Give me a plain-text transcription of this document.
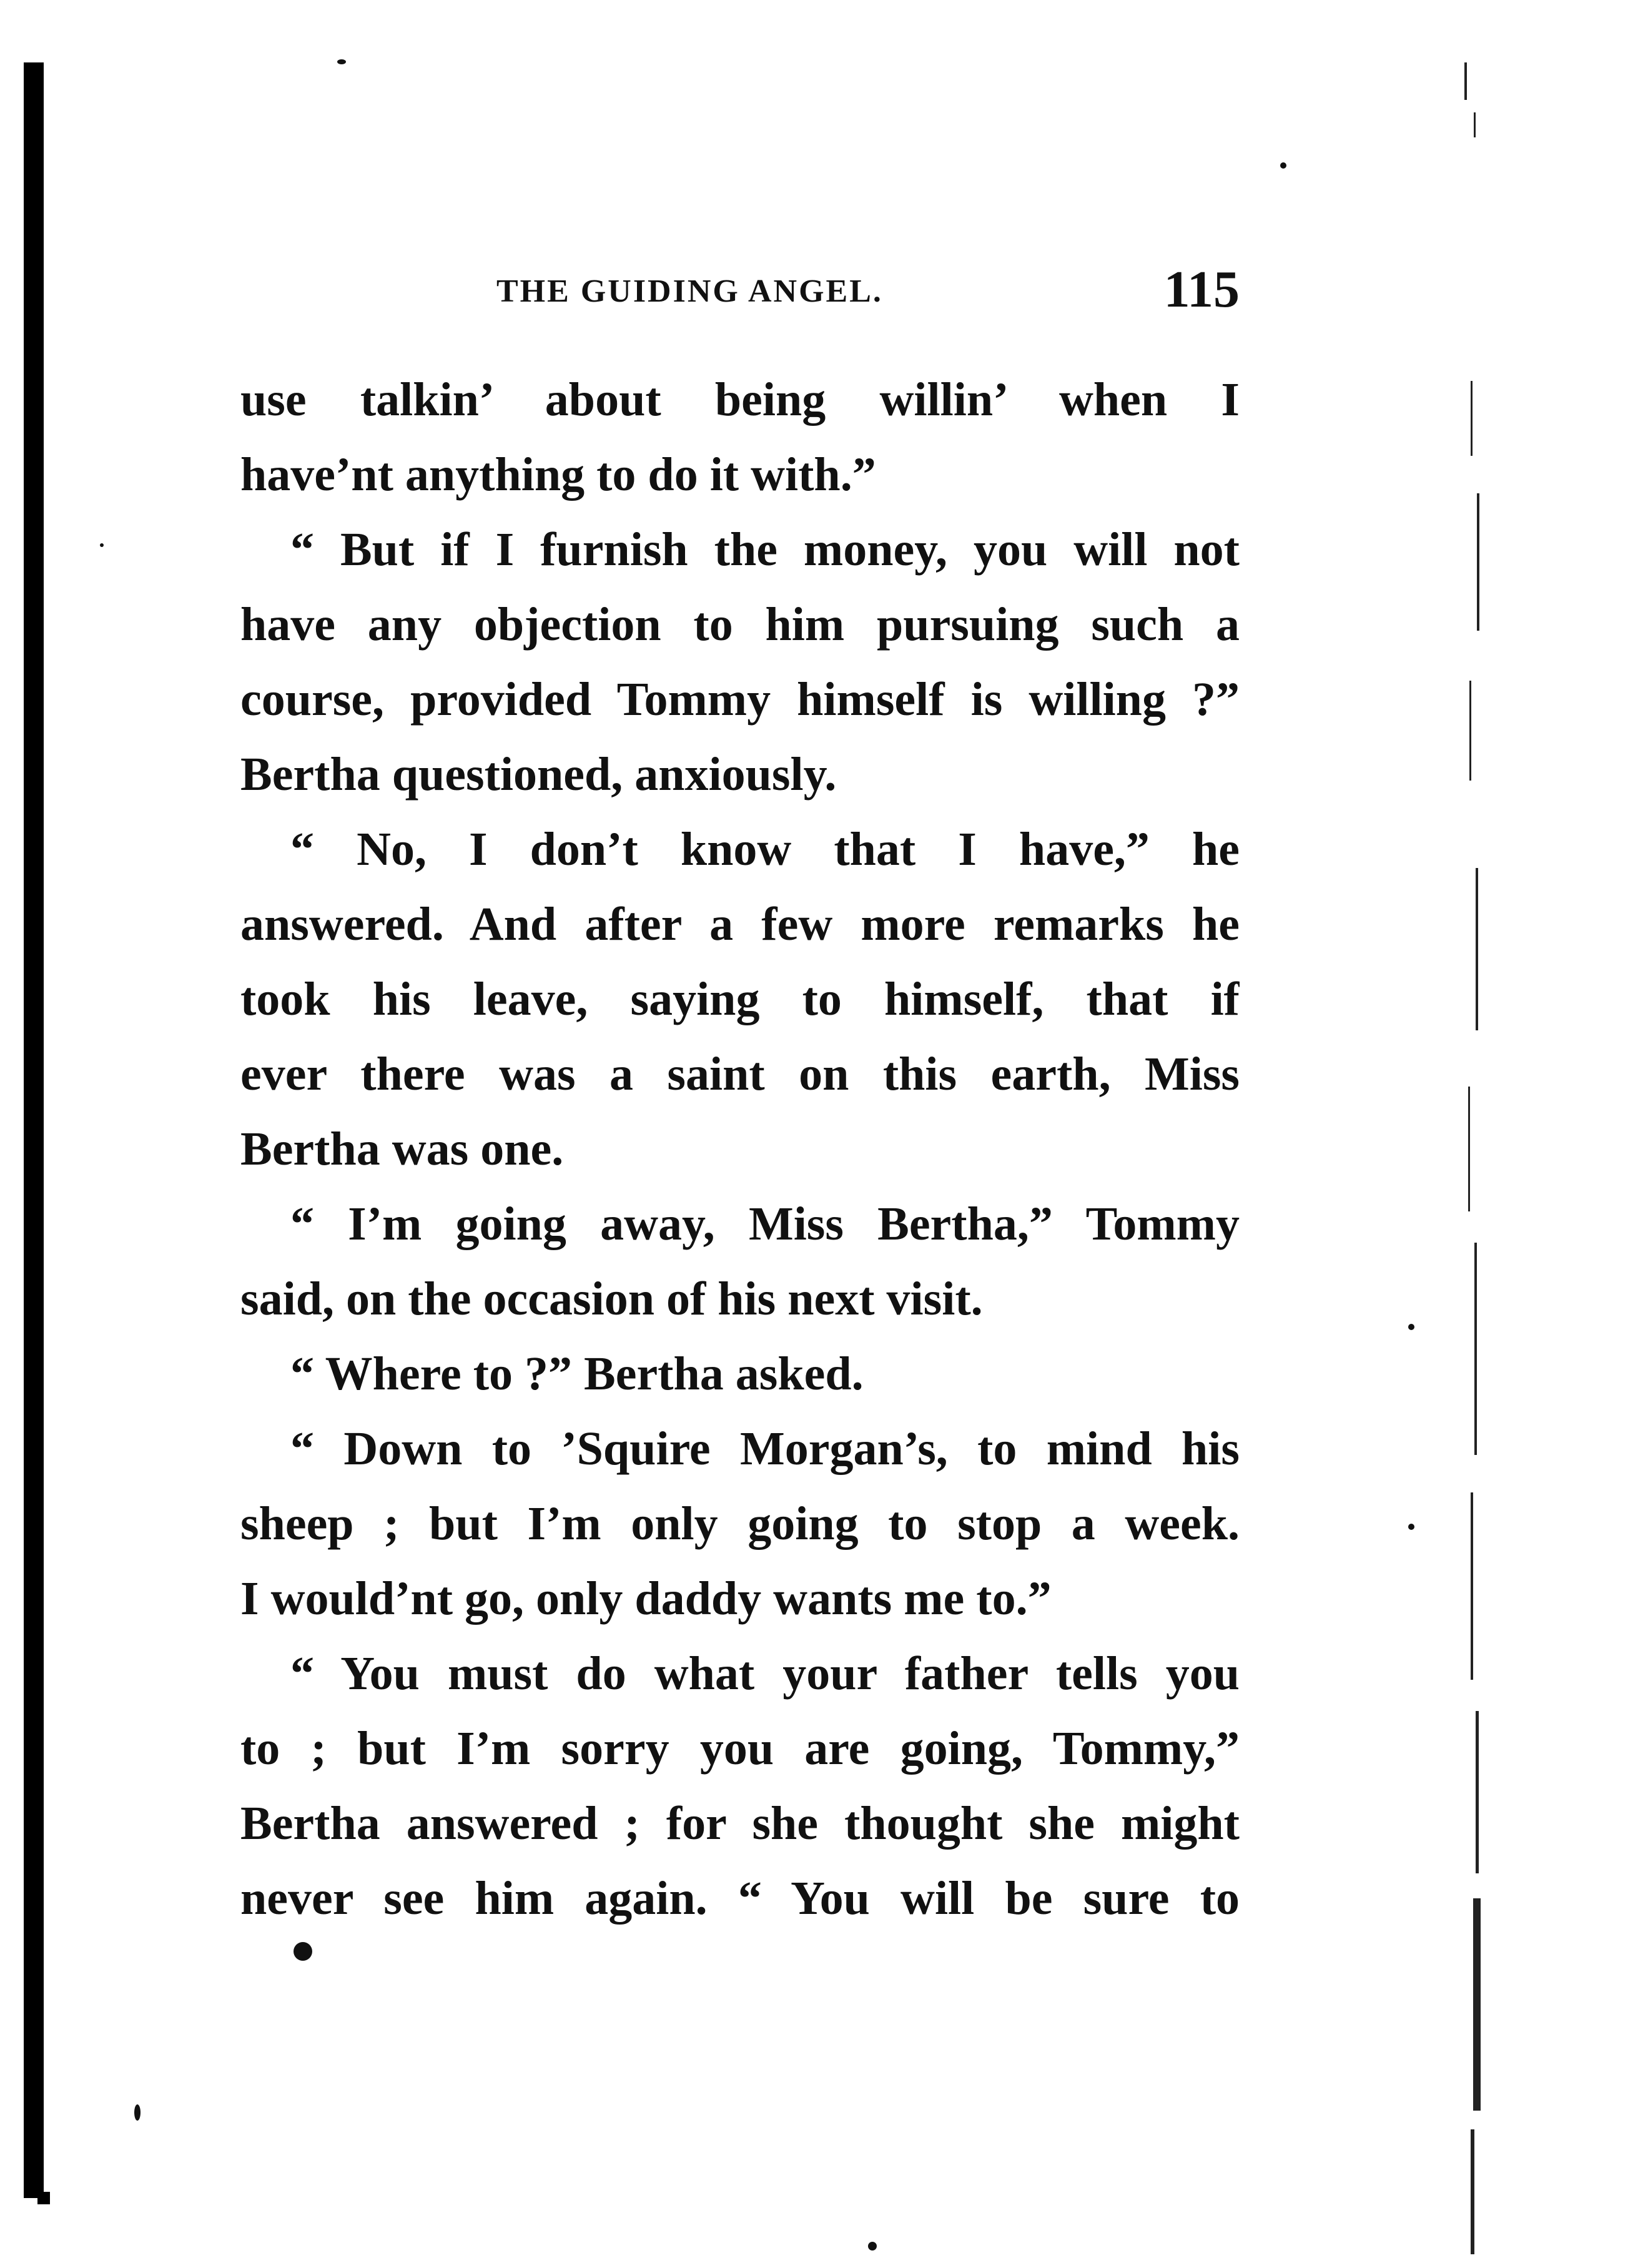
THE GUIDING ANGEL.	115
use talkin’ about being willin’ when I
have’nt anything to do it with.”
“ But if I furnish the money, you will not
have any objection to him pursuing such a
course, provided Tommy himself is willing ?”
Bertha questioned, anxiously.
“ No, I don’t know that I have,” he
answered. And after a few more remarks he
took his leave, saying to himself, that if
ever there was a saint on this earth, Miss
Bertha was one.
“ I’m going away, Miss Bertha,” Tommy
said, on the occasion of his next visit.
“ Where to ?” Bertha asked.
“ Down to ’Squire Morgan’s, to mind his
sheep ; but I’m only going to stop a week.
I would’nt go, only daddy wants me to.”
“ You must do what your father tells you
to ; but I’m sorry you are going, Tommy,”
Bertha answered ; for she thought she might
never see him again. “ You will be sure to
